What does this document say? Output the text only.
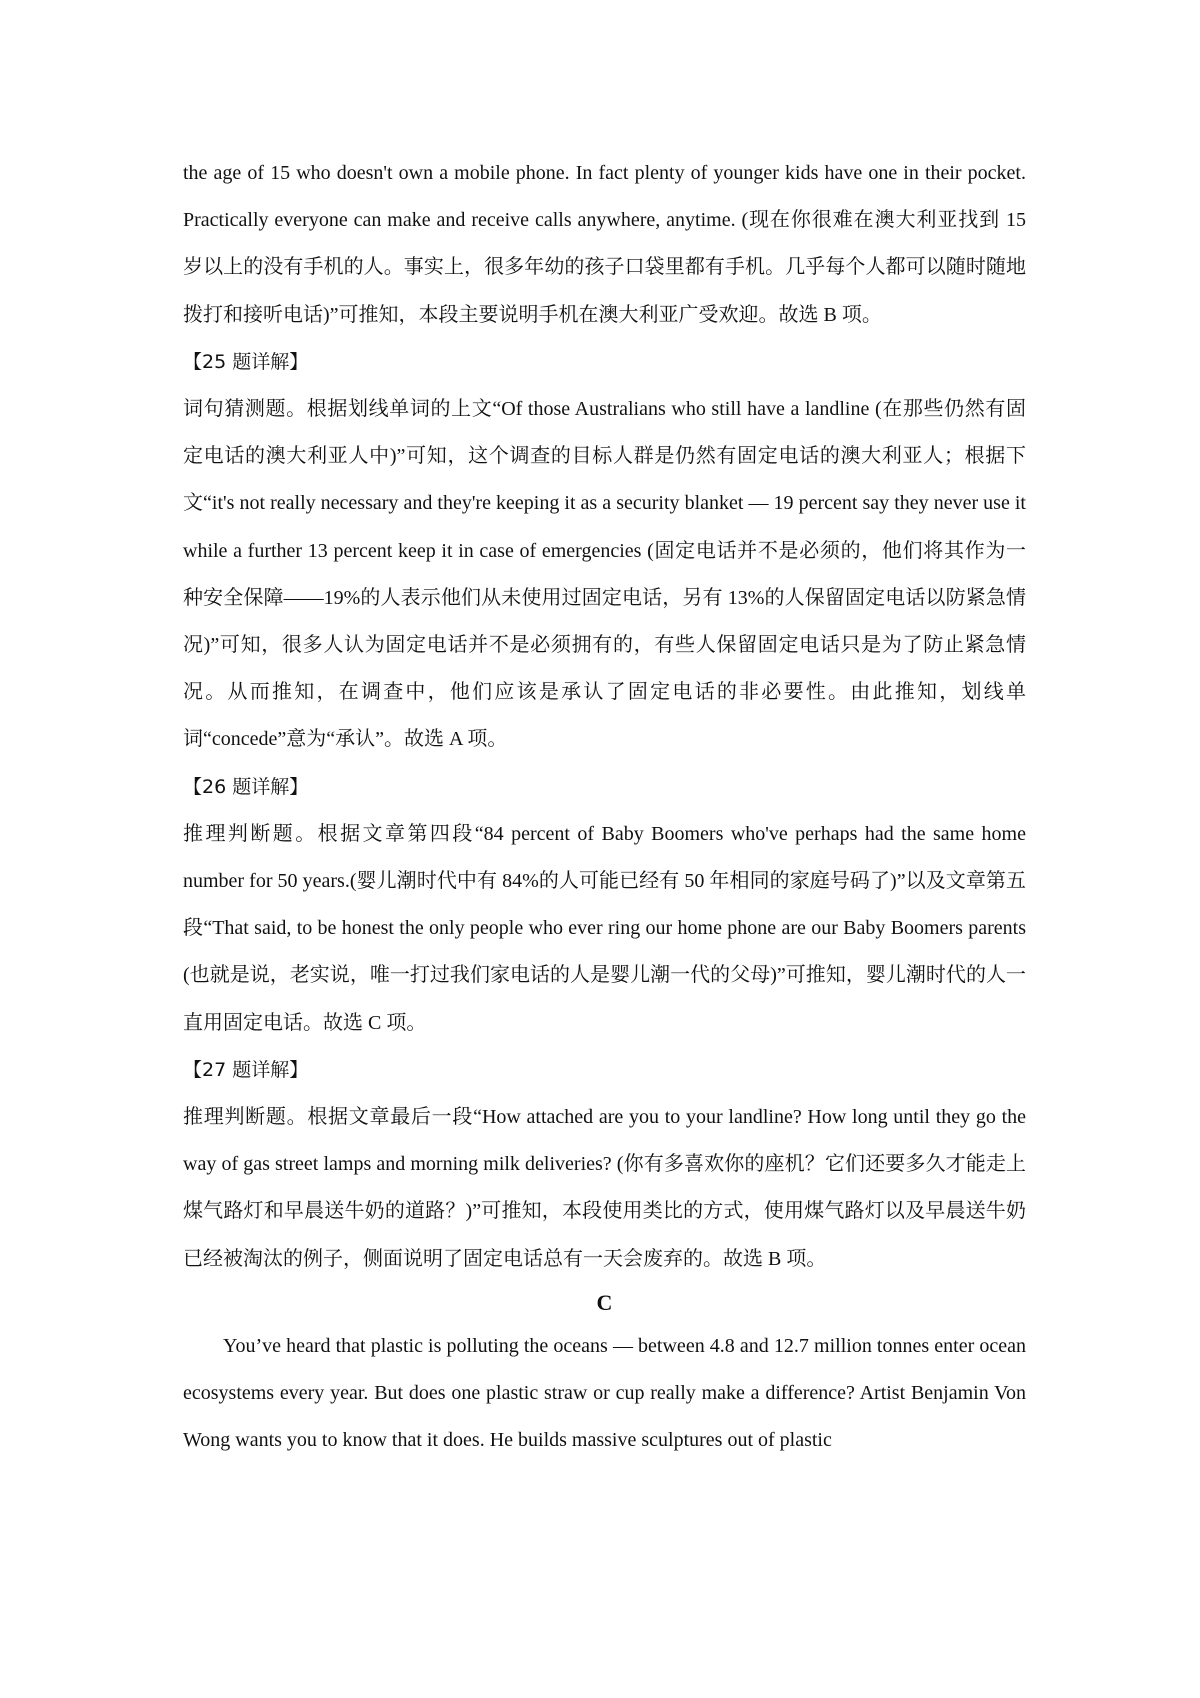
the age of 15 who doesn't own a mobile phone. In fact plenty of younger kids have one in their pocket. Practically everyone can make and receive calls anywhere, anytime. (现在你很难在澳大利亚找到 15 岁以上的没有手机的人。事实上，很多年幼的孩子口袋里都有手机。几乎每个人都可以随时随地拨打和接听电话)”可推知，本段主要说明手机在澳大利亚广受欢迎。故选 B 项。

【25 题详解】

词句猜测题。根据划线单词的上文“Of those Australians who still have a landline (在那些仍然有固定电话的澳大利亚人中)”可知，这个调查的目标人群是仍然有固定电话的澳大利亚人；根据下文“it's not really necessary and they're keeping it as a security blanket — 19 percent say they never use it while a further 13 percent keep it in case of emergencies (固定电话并不是必须的，他们将其作为一种安全保障——19%的人表示他们从未使用过固定电话，另有 13%的人保留固定电话以防紧急情况)”可知，很多人认为固定电话并不是必须拥有的，有些人保留固定电话只是为了防止紧急情况。从而推知，在调查中，他们应该是承认了固定电话的非必要性。由此推知，划线单词“concede”意为“承认”。故选 A 项。

【26 题详解】

推理判断题。根据文章第四段“84 percent of Baby Boomers who've perhaps had the same home number for 50 years.(婴儿潮时代中有 84%的人可能已经有 50 年相同的家庭号码了)”以及文章第五段“That said, to be honest the only people who ever ring our home phone are our Baby Boomers parents (也就是说，老实说，唯一打过我们家电话的人是婴儿潮一代的父母)”可推知，婴儿潮时代的人一直用固定电话。故选 C 项。

【27 题详解】

推理判断题。根据文章最后一段“How attached are you to your landline? How long until they go the way of gas street lamps and morning milk deliveries? (你有多喜欢你的座机？它们还要多久才能走上煤气路灯和早晨送牛奶的道路？)”可推知，本段使用类比的方式，使用煤气路灯以及早晨送牛奶已经被淘汰的例子，侧面说明了固定电话总有一天会废弃的。故选 B 项。

C

You’ve heard that plastic is polluting the oceans — between 4.8 and 12.7 million tonnes enter ocean ecosystems every year. But does one plastic straw or cup really make a difference? Artist Benjamin Von Wong wants you to know that it does. He builds massive sculptures out of plastic
